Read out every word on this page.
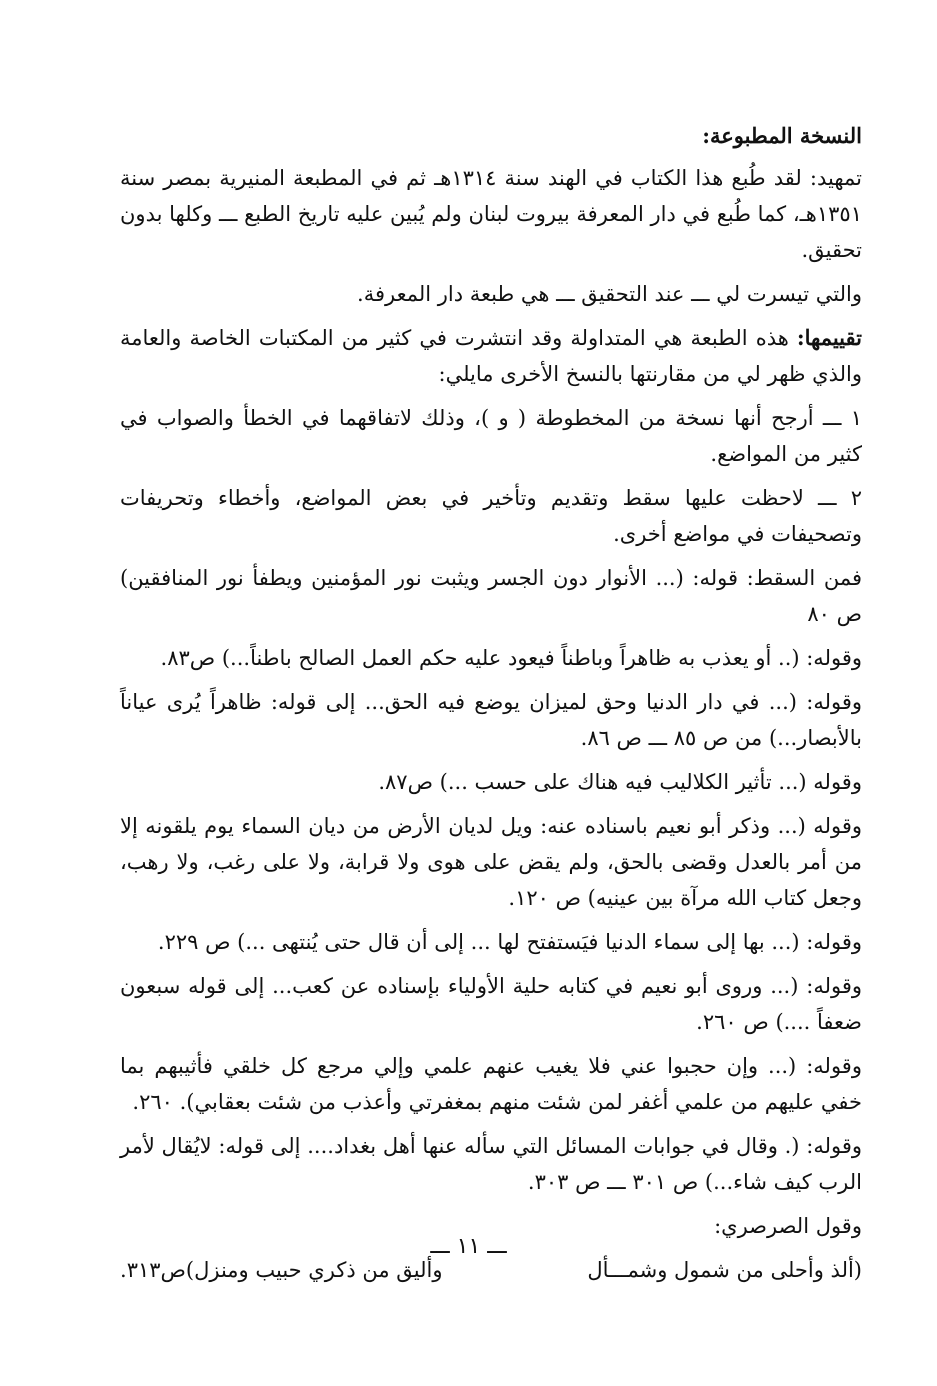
النسخة المطبوعة:

تمهيد: لقد طُبع هذا الكتاب في الهند سنة ١٣١٤هـ ثم في المطبعة المنيرية بمصر سنة ١٣٥١هـ، كما طُبع في دار المعرفة بيروت لبنان ولم يُبين عليه تاريخ الطبع ـــ وكلها بدون تحقيق.

والتي تيسرت لي ـــ عند التحقيق ـــ هي طبعة دار المعرفة.

تقييمها: هذه الطبعة هي المتداولة وقد انتشرت في كثير من المكتبات الخاصة والعامة والذي ظهر لي من مقارنتها بالنسخ الأخرى مايلي:

١ ـــ أرجح أنها نسخة من المخطوطة ( و )، وذلك لاتفاقهما في الخطأ والصواب في كثير من المواضع.

٢ ـــ لاحظت عليها سقط وتقديم وتأخير في بعض المواضع، وأخطاء وتحريفات وتصحيفات في مواضع أخرى.

فمن السقط: قوله: (... الأنوار دون الجسر ويثبت نور المؤمنين ويطفأ نور المنافقين) ص ٨٠

وقوله: (.. أو يعذب به ظاهراً وباطناً فيعود عليه حكم العمل الصالح باطناً...) ص٨٣.

وقوله: (... في دار الدنيا وحق لميزان يوضع فيه الحق... إلى قوله: ظاهراً يُرى عياناً بالأبصار...) من ص ٨٥ ـــ ص ٨٦.

وقوله (... تأثير الكلاليب فيه هناك على حسب ...) ص٨٧.

وقوله (... وذكر أبو نعيم باسناده عنه: ويل لديان الأرض من ديان السماء يوم يلقونه إلا من أمر بالعدل وقضى بالحق، ولم يقض على هوى ولا قرابة، ولا على رغب، ولا رهب، وجعل كتاب الله مرآة بين عينيه) ص ١٢٠.

وقوله: (... بها إلى سماء الدنيا فيَستفتح لها ... إلى أن قال حتى يُنتهى ...) ص ٢٢٩.

وقوله: (... وروى أبو نعيم في كتابه حلية الأولياء بإسناده عن كعب... إلى قوله سبعون ضعفاً ....) ص ٢٦٠.

وقوله: (... وإن حجبوا عني فلا يغيب عنهم علمي وإلي مرجع كل خلقي فأثيبهم بما خفي عليهم من علمي أغفر لمن شئت منهم بمغفرتي وأعذب من شئت بعقابي). ٢٦٠.

وقوله: (. وقال في جوابات المسائل التي سأله عنها أهل بغداد.... إلى قوله: لايُقال لأمر الرب كيف شاء...) ص ٣٠١ ـــ ص ٣٠٣.

وقول الصرصري:
(ألذ وأحلى من شمول وشمـــأل
وأليق من ذكري حبيب ومنزل)ص٣١٣.
ـــ ١١ ـــ
